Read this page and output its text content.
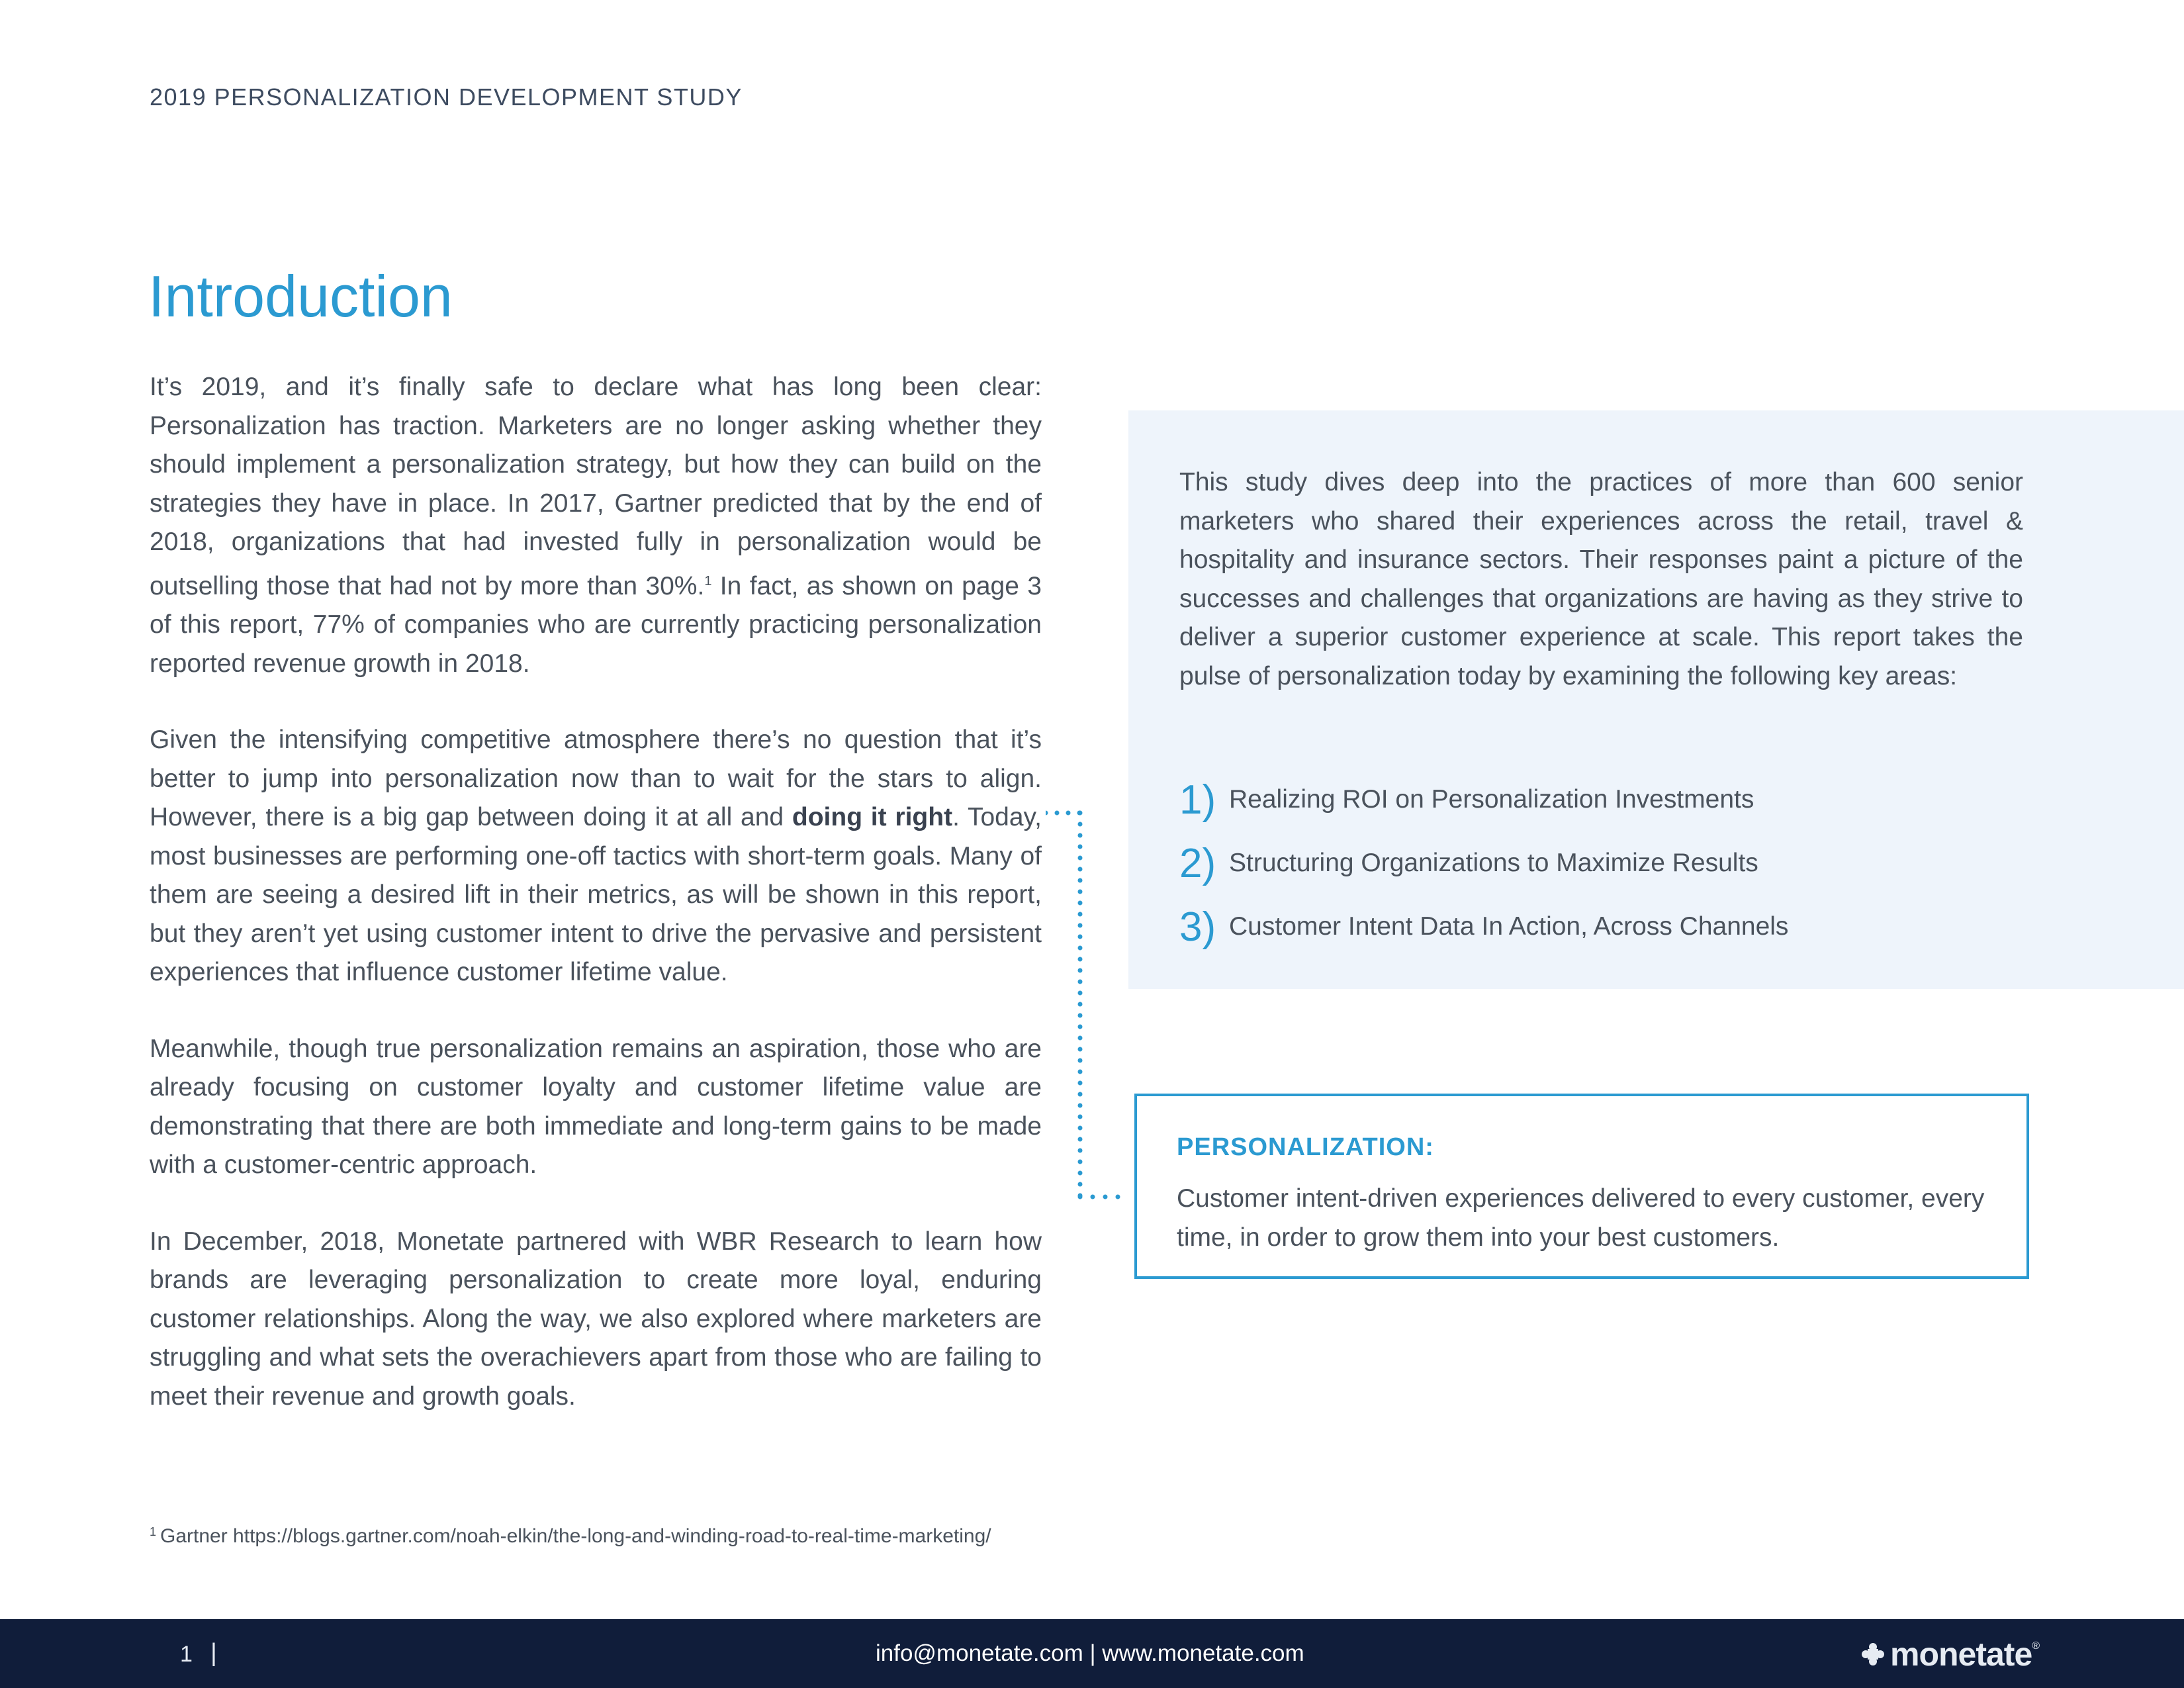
2019 PERSONALIZATION DEVELOPMENT STUDY
Introduction

It’s 2019, and it’s finally safe to declare what has long been clear: Personalization has traction. Marketers are no longer asking whether they should implement a personalization strategy, but how they can build on the strategies they have in place. In 2017, Gartner predicted that by the end of 2018, organizations that had invested fully in personalization would be outselling those that had not by more than 30%.$^1$ In fact, as shown on page 3 of this report, 77% of companies who are currently practicing personalization reported revenue growth in 2018.

Given the intensifying competitive atmosphere there’s no question that it’s better to jump into personalization now than to wait for the stars to align. However, there is a big gap between doing it at all and doing it right. Today, most businesses are performing one-off tactics with short-term goals. Many of them are seeing a desired lift in their metrics, as will be shown in this report, but they aren’t yet using customer intent to drive the pervasive and persistent experiences that influence customer lifetime value.

Meanwhile, though true personalization remains an aspiration, those who are already focusing on customer loyalty and customer lifetime value are demonstrating that there are both immediate and long-term gains to be made with a customer-centric approach.

In December, 2018, Monetate partnered with WBR Research to learn how brands are leveraging personalization to create more loyal, enduring customer relationships. Along the way, we also explored where marketers are struggling and what sets the overachievers apart from those who are failing to meet their revenue and growth goals.

This study dives deep into the practices of more than 600 senior marketers who shared their experiences across the retail, travel & hospitality and insurance sectors. Their responses paint a picture of the successes and challenges that organizations are having as they strive to deliver a superior customer experience at scale. This report takes the pulse of personalization today by examining the following key areas:

1) Realizing ROI on Personalization Investments
2) Structuring Organizations to Maximize Results
3) Customer Intent Data In Action, Across Channels
PERSONALIZATION:
Customer intent-driven experiences delivered to every customer, every time, in order to grow them into your best customers.
$^1$ Gartner https://blogs.gartner.com/noah-elkin/the-long-and-winding-road-to-real-time-marketing/
1 |	info@monetate.com | www.monetate.com	monetate ®
